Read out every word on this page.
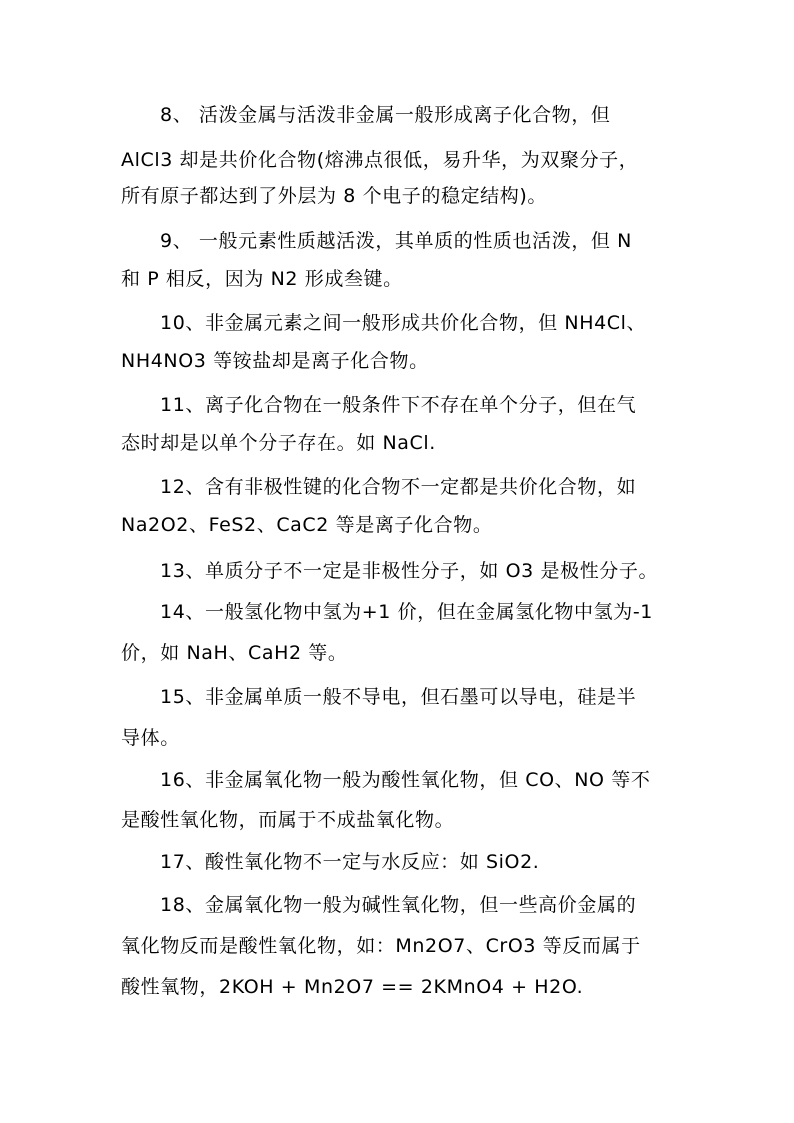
8、 活泼金属与活泼非金属一般形成离子化合物，但
AlCl3 却是共价化合物(熔沸点很低，易升华，为双聚分子，
所有原子都达到了外层为 8 个电子的稳定结构)。
9、 一般元素性质越活泼，其单质的性质也活泼，但 N
和 P 相反，因为 N2 形成叁键。
10、非金属元素之间一般形成共价化合物，但 NH4Cl、
NH4NO3 等铵盐却是离子化合物。
11、离子化合物在一般条件下不存在单个分子，但在气
态时却是以单个分子存在。如 NaCl.
12、含有非极性键的化合物不一定都是共价化合物，如
Na2O2、FeS2、CaC2 等是离子化合物。
13、单质分子不一定是非极性分子，如 O3 是极性分子。
14、一般氢化物中氢为+1 价，但在金属氢化物中氢为-1
价，如 NaH、CaH2 等。
15、非金属单质一般不导电，但石墨可以导电，硅是半
导体。
16、非金属氧化物一般为酸性氧化物，但 CO、NO 等不
是酸性氧化物，而属于不成盐氧化物。
17、酸性氧化物不一定与水反应：如 SiO2.
18、金属氧化物一般为碱性氧化物，但一些高价金属的
氧化物反而是酸性氧化物，如：Mn2O7、CrO3 等反而属于
酸性氧物，2KOH + Mn2O7 == 2KMnO4 + H2O.
